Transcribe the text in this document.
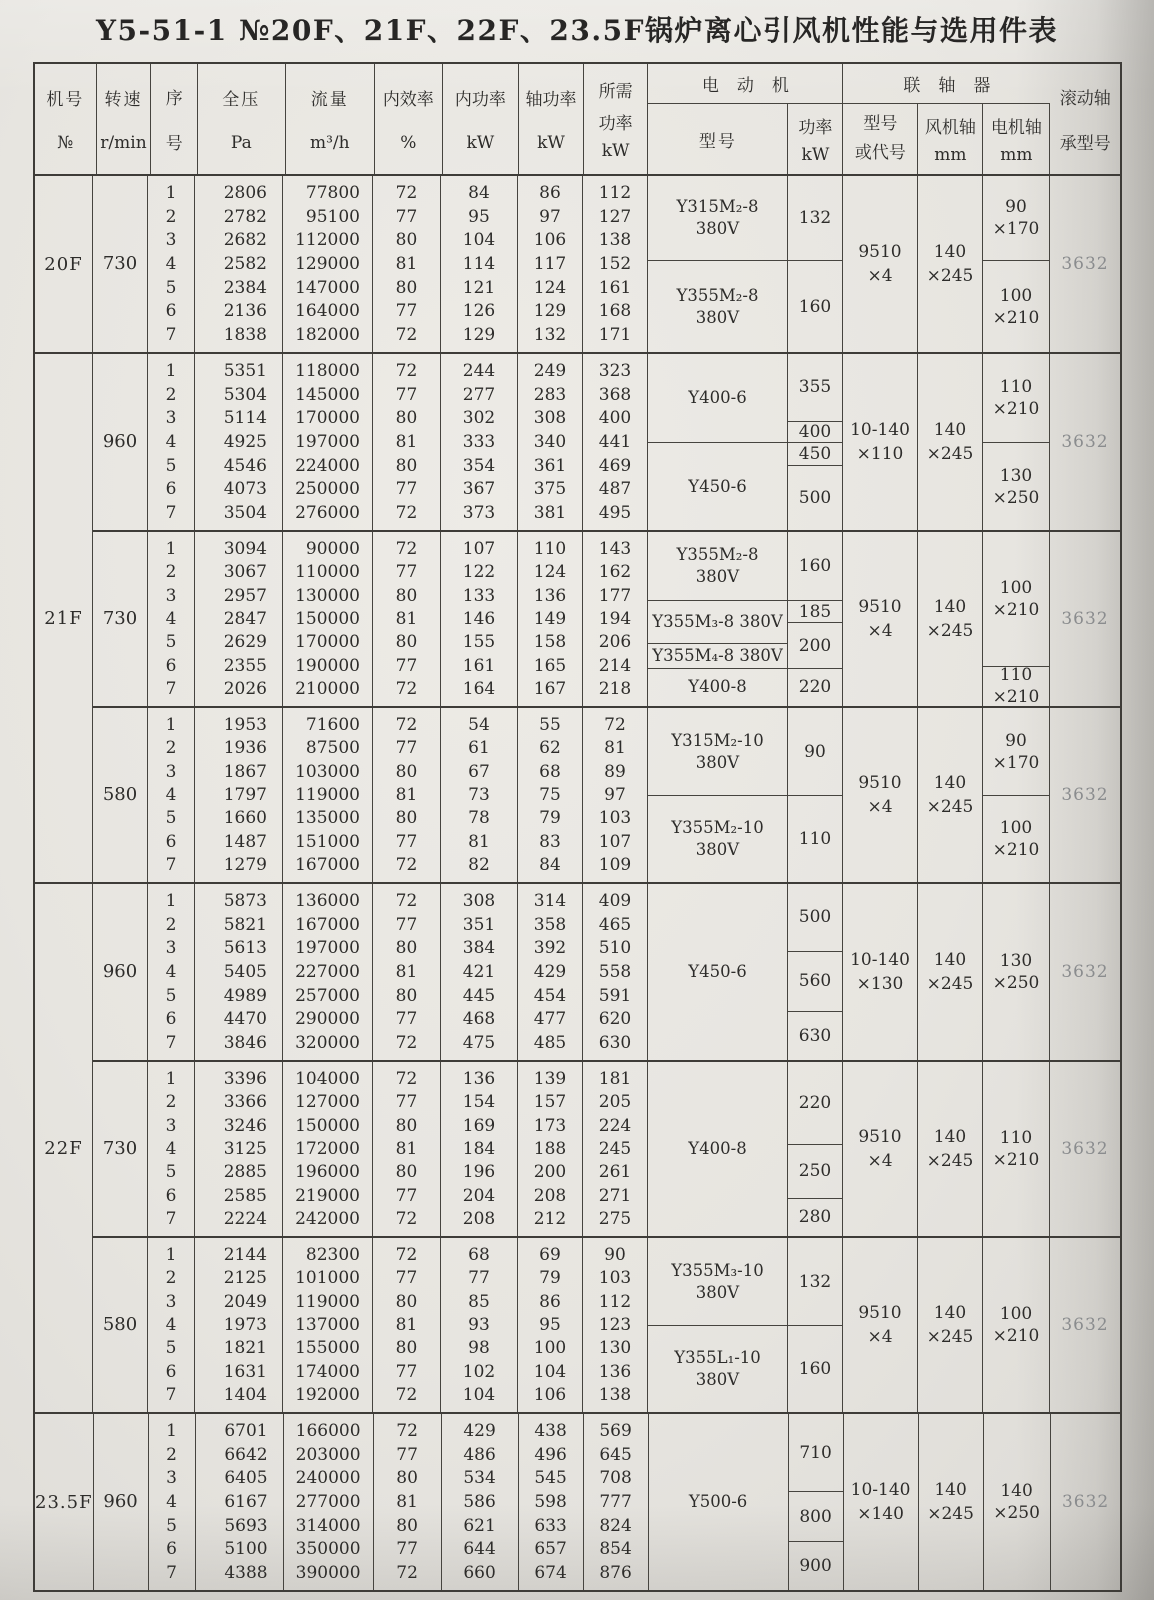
Y5-51-1 №20F、21F、22F、23.5F锅炉离心引风机性能与选用件表
机号
№
转速
r/min
序
号
全压
Pa
流量
m³/h
内效率
%
内功率
kW
轴功率
kW
所需
功率
kW
电动机	联轴器
型号
功率
kW
型号
或代号
风机轴
mm
电机轴
mm
滚动轴
承型号
20F	730
1
2
3
4
5
6
7
2806
2782
2682
2582
2384
2136
1838
77800
95100
112000
129000
147000
164000
182000
72
77
80
81
80
77
72
84
95
104
114
121
126
129
86
97
106
117
124
129
132
112
127
138
152
161
168
171
Y315M₂-8
380V
Y355M₂-8
380V
132
160
9510
×4
140
×245
90
×170
100
×210
3632
21F
960
1
2
3
4
5
6
7
5351
5304
5114
4925
4546
4073
3504
118000
145000
170000
197000
224000
250000
276000
72
77
80
81
80
77
72
244
277
302
333
354
367
373
249
283
308
340
361
375
381
323
368
400
441
469
487
495
Y400-6
Y450-6
355
400
450
500
10-140
×110
140
×245
110
×210
130
×250
3632
730
1
2
3
4
5
6
7
3094
3067
2957
2847
2629
2355
2026
90000
110000
130000
150000
170000
190000
210000
72
77
80
81
80
77
72
107
122
133
146
155
161
164
110
124
136
149
158
165
167
143
162
177
194
206
214
218
Y355M₂-8
380V
Y355M₃-8 380V
Y355M₄-8 380V
Y400-8
160
185
200
220
9510
×4
140
×245
100
×210
110
×210
3632
580
1
2
3
4
5
6
7
1953
1936
1867
1797
1660
1487
1279
71600
87500
103000
119000
135000
151000
167000
72
77
80
81
80
77
72
54
61
67
73
78
81
82
55
62
68
75
79
83
84
72
81
89
97
103
107
109
Y315M₂-10
380V
Y355M₂-10
380V
90
110
9510
×4
140
×245
90
×170
100
×210
3632
22F
960
1
2
3
4
5
6
7
5873
5821
5613
5405
4989
4470
3846
136000
167000
197000
227000
257000
290000
320000
72
77
80
81
80
77
72
308
351
384
421
445
468
475
314
358
392
429
454
477
485
409
465
510
558
591
620
630
Y450-6
500
560
630
10-140
×130
140
×245
130
×250
3632
730
1
2
3
4
5
6
7
3396
3366
3246
3125
2885
2585
2224
104000
127000
150000
172000
196000
219000
242000
72
77
80
81
80
77
72
136
154
169
184
196
204
208
139
157
173
188
200
208
212
181
205
224
245
261
271
275
Y400-8
220
250
280
9510
×4
140
×245
110
×210
3632
580
1
2
3
4
5
6
7
2144
2125
2049
1973
1821
1631
1404
82300
101000
119000
137000
155000
174000
192000
72
77
80
81
80
77
72
68
77
85
93
98
102
104
69
79
86
95
100
104
106
90
103
112
123
130
136
138
Y355M₃-10
380V
Y355L₁-10
380V
132
160
9510
×4
140
×245
100
×210
3632
23.5F 960
1
2
3
4
5
6
7
6701
6642
6405
6167
5693
5100
4388
166000
203000
240000
277000
314000
350000
390000
72
77
80
81
80
77
72
429
486
534
586
621
644
660
438
496
545
598
633
657
674
569
645
708
777
824
854
876
Y500-6
710
800
900
10-140
×140
140
×245
140
×250
3632
